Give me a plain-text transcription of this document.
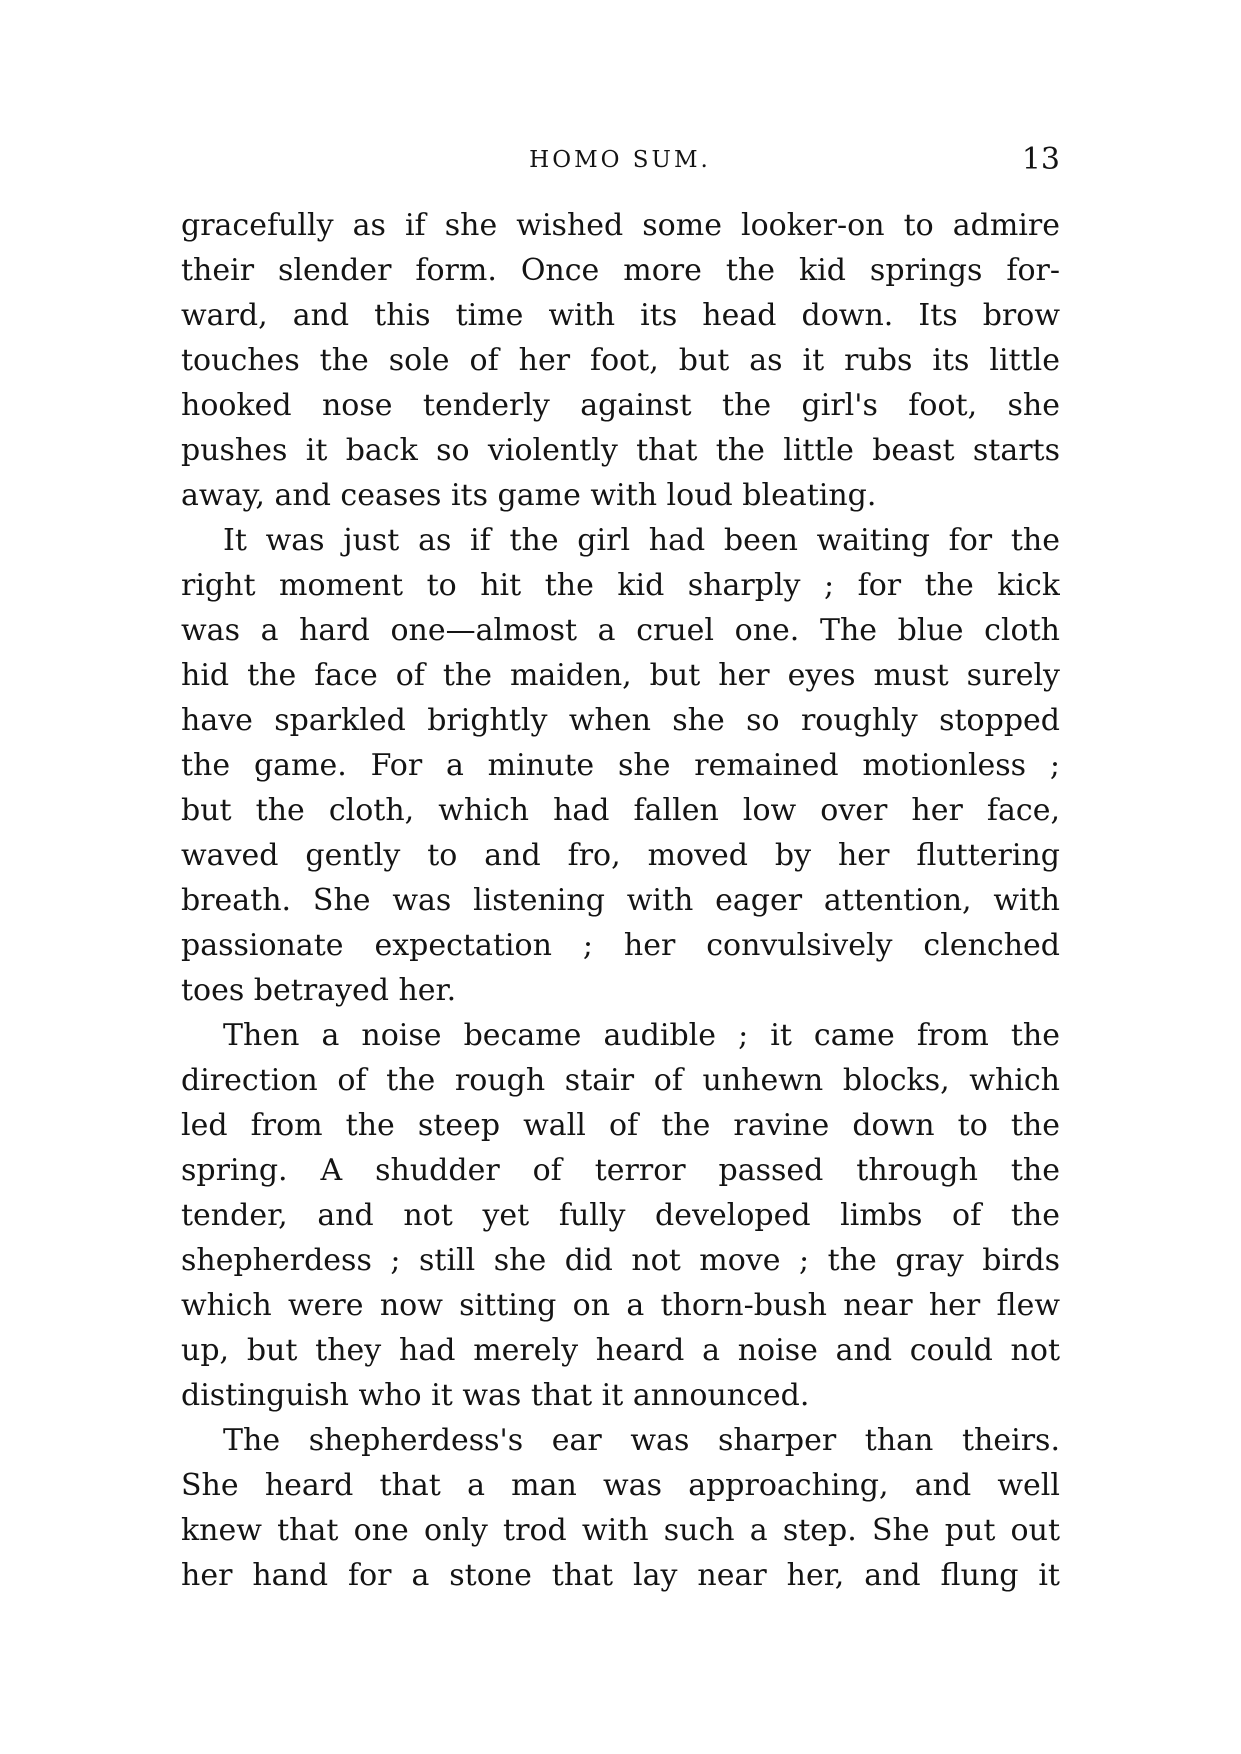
HOMO SUM.	13
gracefully as if she wished some looker-on to admire
their slender form. Once more the kid springs for-
ward, and this time with its head down. Its brow
touches the sole of her foot, but as it rubs its little
hooked nose tenderly against the girl's foot, she
pushes it back so violently that the little beast starts
away, and ceases its game with loud bleating.
It was just as if the girl had been waiting for the
right moment to hit the kid sharply ; for the kick
was a hard one—almost a cruel one. The blue cloth
hid the face of the maiden, but her eyes must surely
have sparkled brightly when she so roughly stopped
the game. For a minute she remained motionless ;
but the cloth, which had fallen low over her face,
waved gently to and fro, moved by her fluttering
breath. She was listening with eager attention, with
passionate expectation ; her convulsively clenched
toes betrayed her.
Then a noise became audible ; it came from the
direction of the rough stair of unhewn blocks, which
led from the steep wall of the ravine down to the
spring. A shudder of terror passed through the
tender, and not yet fully developed limbs of the
shepherdess ; still she did not move ; the gray birds
which were now sitting on a thorn-bush near her flew
up, but they had merely heard a noise and could not
distinguish who it was that it announced.
The shepherdess's ear was sharper than theirs.
She heard that a man was approaching, and well
knew that one only trod with such a step. She put out
her hand for a stone that lay near her, and flung it
